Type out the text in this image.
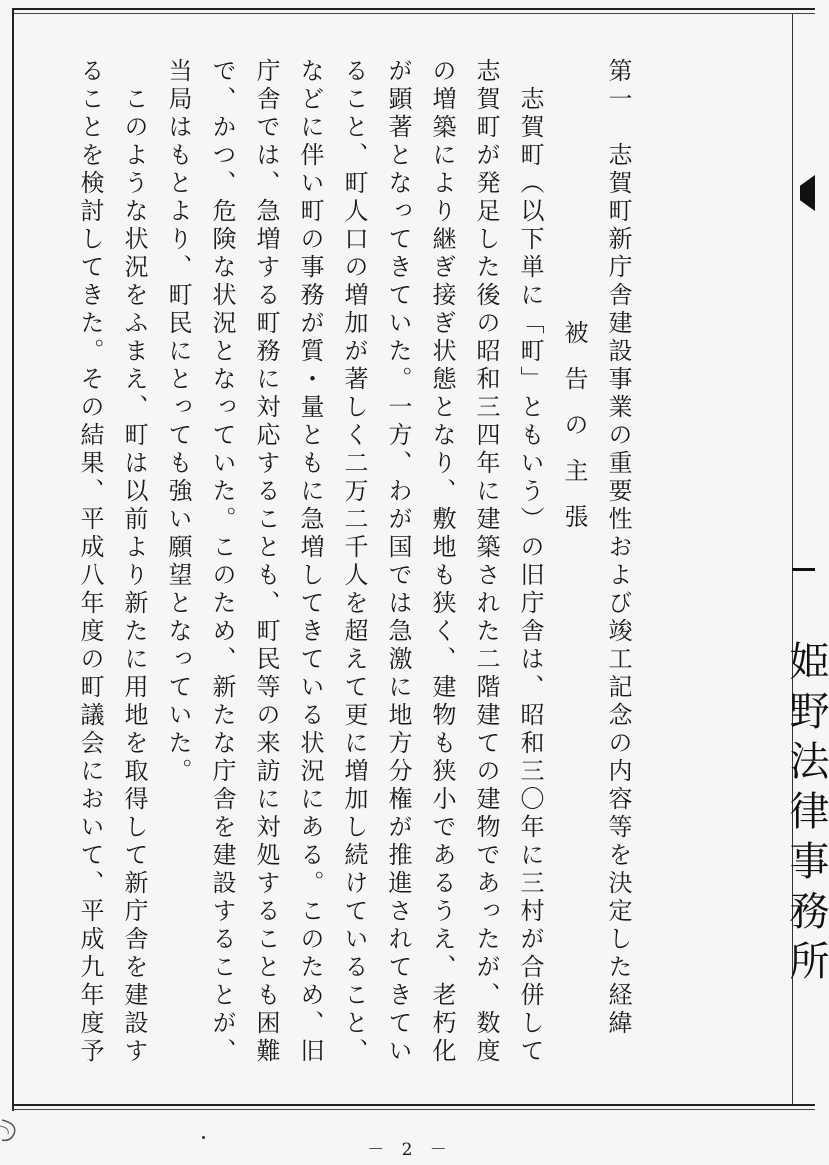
第一　志賀町新庁舎建設事業の重要性および竣工記念の内容等を決定した経緯
被告の主張
　志賀町（以下単に「町」ともいう）の旧庁舎は、昭和三〇年に三村が合併して
志賀町が発足した後の昭和三四年に建築された二階建ての建物であったが、数度
の増築により継ぎ接ぎ状態となり、敷地も狭く、建物も狭小であるうえ、老朽化
が顕著となってきていた。一方、わが国では急激に地方分権が推進されてきてい
ること、町人口の増加が著しく二万二千人を超えて更に増加し続けていること、
などに伴い町の事務が質・量ともに急増してきている状況にある。このため、旧
庁舎では、急増する町務に対応することも、町民等の来訪に対処することも困難
で、かつ、危険な状況となっていた。このため、新たな庁舎を建設することが、
当局はもとより、町民にとっても強い願望となっていた。
　このような状況をふまえ、町は以前より新たに用地を取得して新庁舎を建設す
ることを検討してきた。その結果、平成八年度の町議会において、平成九年度予	姫野法律事務所
－ 2 －
